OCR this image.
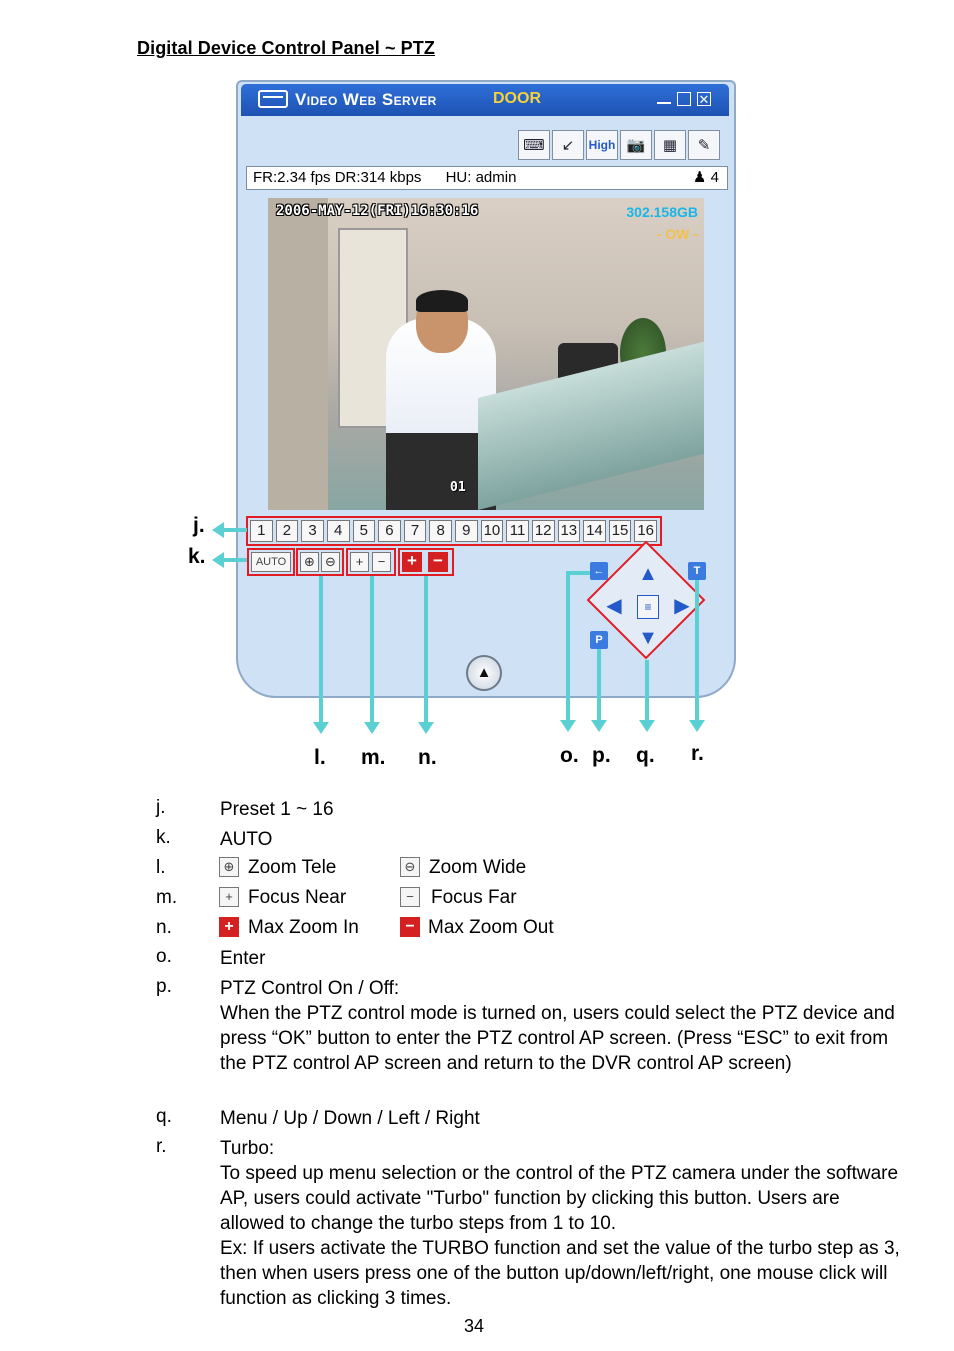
Digital Device Control Panel ~ PTZ
Video Web Server	DOOR	✕
⌨	↙	High 📷	▦	✎
FR:2.34 fps DR:314 kbps HU: admin	♟ 4
2006-MAY-12(FRI)16:30:16	302.158GB
- OW -
01
1	2	3	4	5	6	7	8	9 10 11 12 13 14 15 16
AUTO	⊕ ⊖	+	−	+ −
←
P
T
▲
▼
◀	▶
≡
▲
j.
k.
l. m. n.	o. p. q. r.
j.	Preset 1 ~ 16
k.	AUTO
l.	⊕ Zoom Tele	⊖ Zoom Wide
m.	+ Focus Near	− Focus Far
n.	+ Max Zoom In	− Max Zoom Out
o.	Enter
p.	PTZ Control On / Off:
When the PTZ control mode is turned on, users could select the PTZ device and press “OK” button to enter the PTZ control AP screen. (Press “ESC” to exit from the PTZ control AP screen and return to the DVR control AP screen)
q.	Menu / Up / Down / Left / Right
r.	Turbo:
To speed up menu selection or the control of the PTZ camera under the software AP, users could activate "Turbo" function by clicking this button. Users are allowed to change the turbo steps from 1 to 10.
Ex: If users activate the TURBO function and set the value of the turbo step as 3, then when users press one of the button up/down/left/right, one mouse click will function as clicking 3 times.
34
